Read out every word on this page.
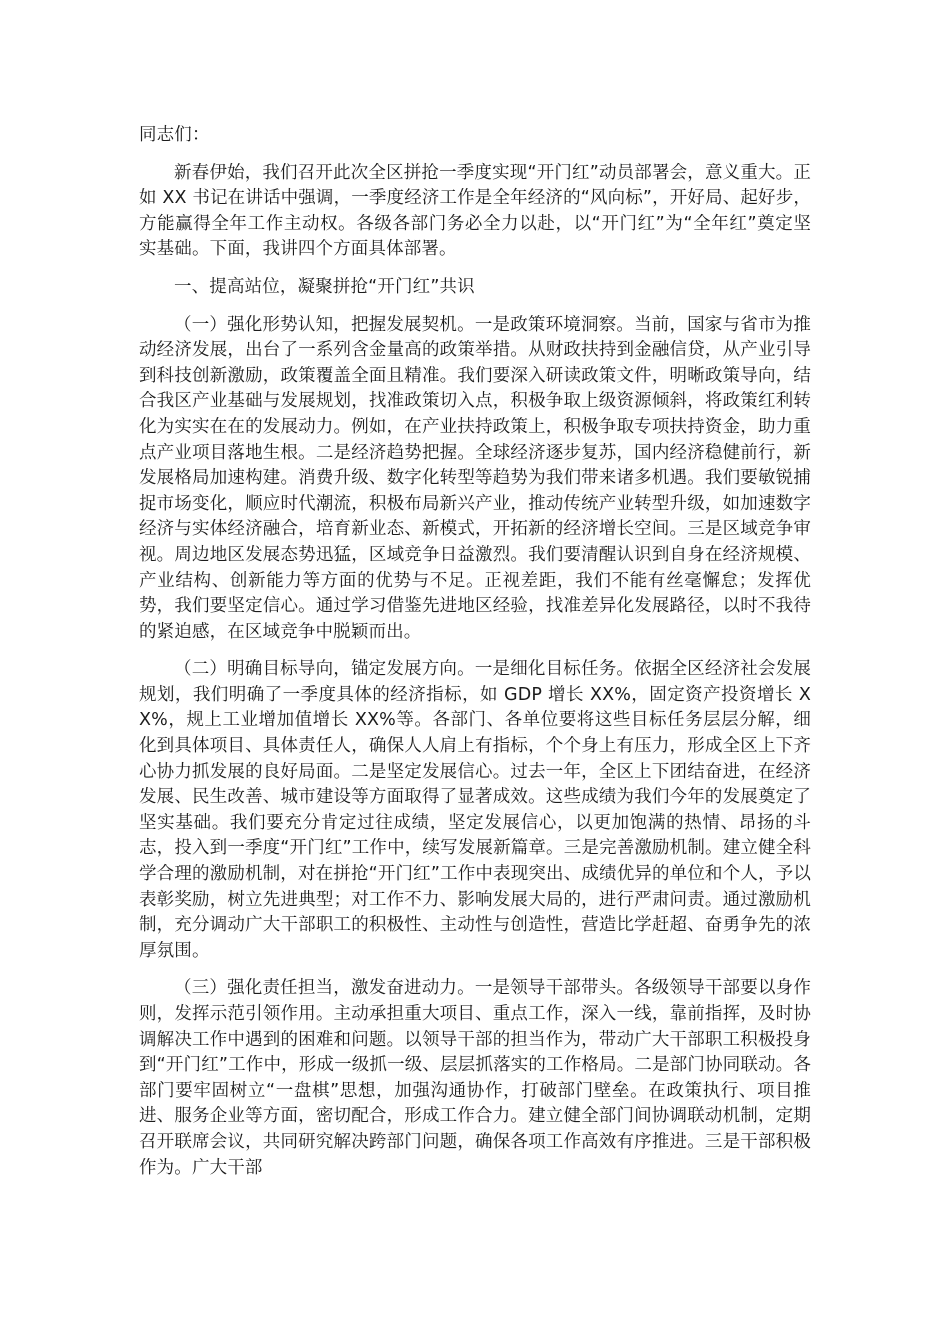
同志们：

新春伊始，我们召开此次全区拼抢一季度实现“开门红”动员部署会，意义重大。正如 XX 书记在讲话中强调，一季度经济工作是全年经济的“风向标”，开好局、起好步，方能赢得全年工作主动权。各级各部门务必全力以赴，以“开门红”为“全年红”奠定坚实基础。下面，我讲四个方面具体部署。

一、提高站位，凝聚拼抢“开门红”共识

（一）强化形势认知，把握发展契机。一是政策环境洞察。当前，国家与省市为推动经济发展，出台了一系列含金量高的政策举措。从财政扶持到金融信贷，从产业引导到科技创新激励，政策覆盖全面且精准。我们要深入研读政策文件，明晰政策导向，结合我区产业基础与发展规划，找准政策切入点，积极争取上级资源倾斜，将政策红利转化为实实在在的发展动力。例如，在产业扶持政策上，积极争取专项扶持资金，助力重点产业项目落地生根。二是经济趋势把握。全球经济逐步复苏，国内经济稳健前行，新发展格局加速构建。消费升级、数字化转型等趋势为我们带来诸多机遇。我们要敏锐捕捉市场变化，顺应时代潮流，积极布局新兴产业，推动传统产业转型升级，如加速数字经济与实体经济融合，培育新业态、新模式，开拓新的经济增长空间。三是区域竞争审视。周边地区发展态势迅猛，区域竞争日益激烈。我们要清醒认识到自身在经济规模、产业结构、创新能力等方面的优势与不足。正视差距，我们不能有丝毫懈怠；发挥优势，我们要坚定信心。通过学习借鉴先进地区经验，找准差异化发展路径，以时不我待的紧迫感，在区域竞争中脱颖而出。

（二）明确目标导向，锚定发展方向。一是细化目标任务。依据全区经济社会发展规划，我们明确了一季度具体的经济指标，如 GDP 增长 XX%，固定资产投资增长 XX%，规上工业增加值增长 XX%等。各部门、各单位要将这些目标任务层层分解，细化到具体项目、具体责任人，确保人人肩上有指标，个个身上有压力，形成全区上下齐心协力抓发展的良好局面。二是坚定发展信心。过去一年，全区上下团结奋进，在经济发展、民生改善、城市建设等方面取得了显著成效。这些成绩为我们今年的发展奠定了坚实基础。我们要充分肯定过往成绩，坚定发展信心，以更加饱满的热情、昂扬的斗志，投入到一季度“开门红”工作中，续写发展新篇章。三是完善激励机制。建立健全科学合理的激励机制，对在拼抢“开门红”工作中表现突出、成绩优异的单位和个人，予以表彰奖励，树立先进典型；对工作不力、影响发展大局的，进行严肃问责。通过激励机制，充分调动广大干部职工的积极性、主动性与创造性，营造比学赶超、奋勇争先的浓厚氛围。

（三）强化责任担当，激发奋进动力。一是领导干部带头。各级领导干部要以身作则，发挥示范引领作用。主动承担重大项目、重点工作，深入一线，靠前指挥，及时协调解决工作中遇到的困难和问题。以领导干部的担当作为，带动广大干部职工积极投身到“开门红”工作中，形成一级抓一级、层层抓落实的工作格局。二是部门协同联动。各部门要牢固树立“一盘棋”思想，加强沟通协作，打破部门壁垒。在政策执行、项目推进、服务企业等方面，密切配合，形成工作合力。建立健全部门间协调联动机制，定期召开联席会议，共同研究解决跨部门问题，确保各项工作高效有序推进。三是干部积极作为。广大干部
